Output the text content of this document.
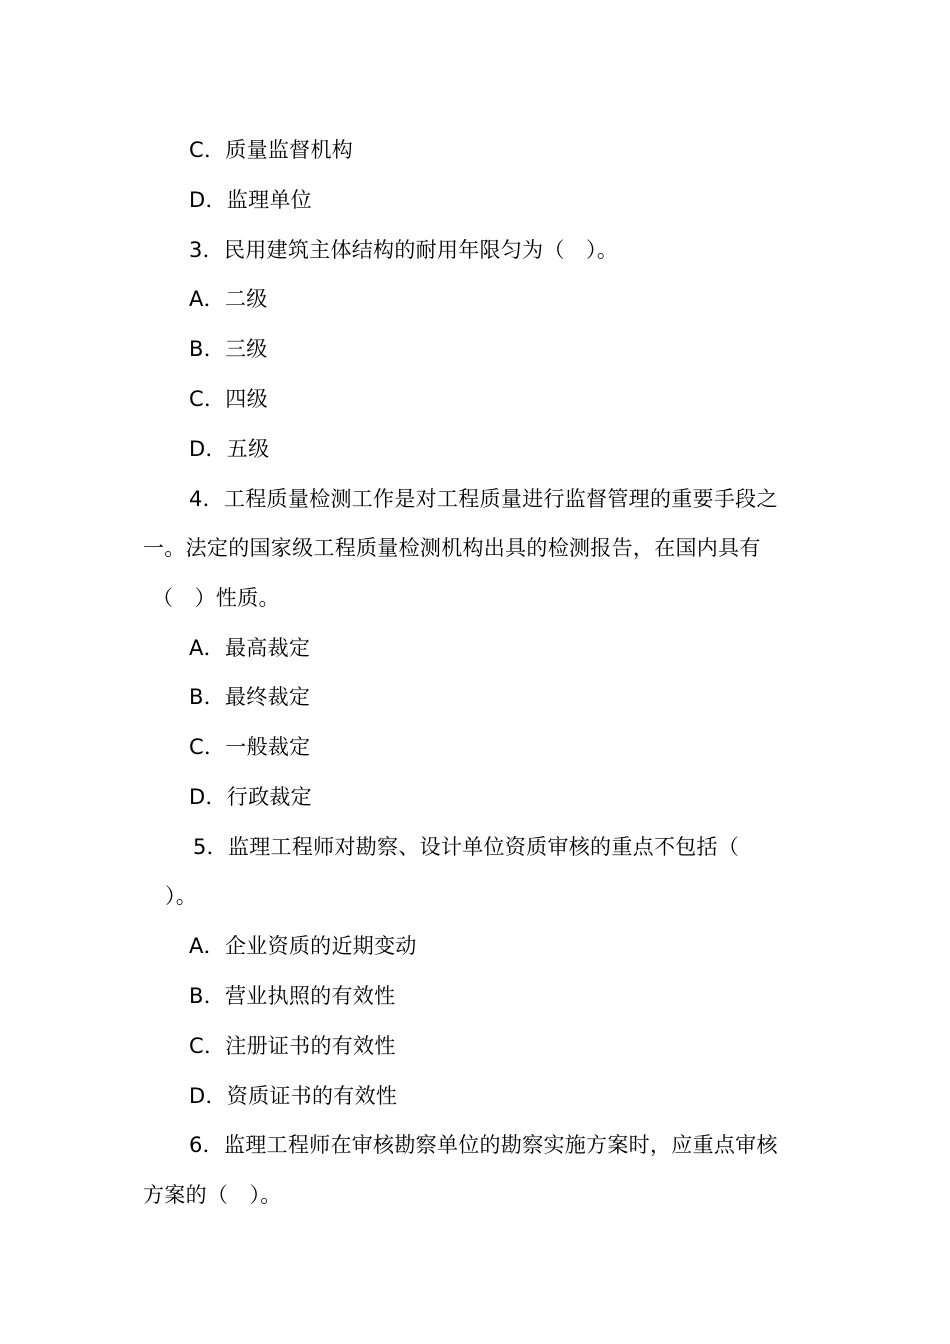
C．质量监督机构
D．监理单位
3．民用建筑主体结构的耐用年限匀为（　）。
A．二级
B．三级
C．四级
D．五级
4．工程质量检测工作是对工程质量进行监督管理的重要手段之
一。法定的国家级工程质量检测机构出具的检测报告，在国内具有
（　）性质。
A．最高裁定
B．最终裁定
C．一般裁定
D．行政裁定
5．监理工程师对勘察、设计单位资质审核的重点不包括（
）。
A．企业资质的近期变动
B．营业执照的有效性
C．注册证书的有效性
D．资质证书的有效性
6．监理工程师在审核勘察单位的勘察实施方案时，应重点审核
方案的（　）。
